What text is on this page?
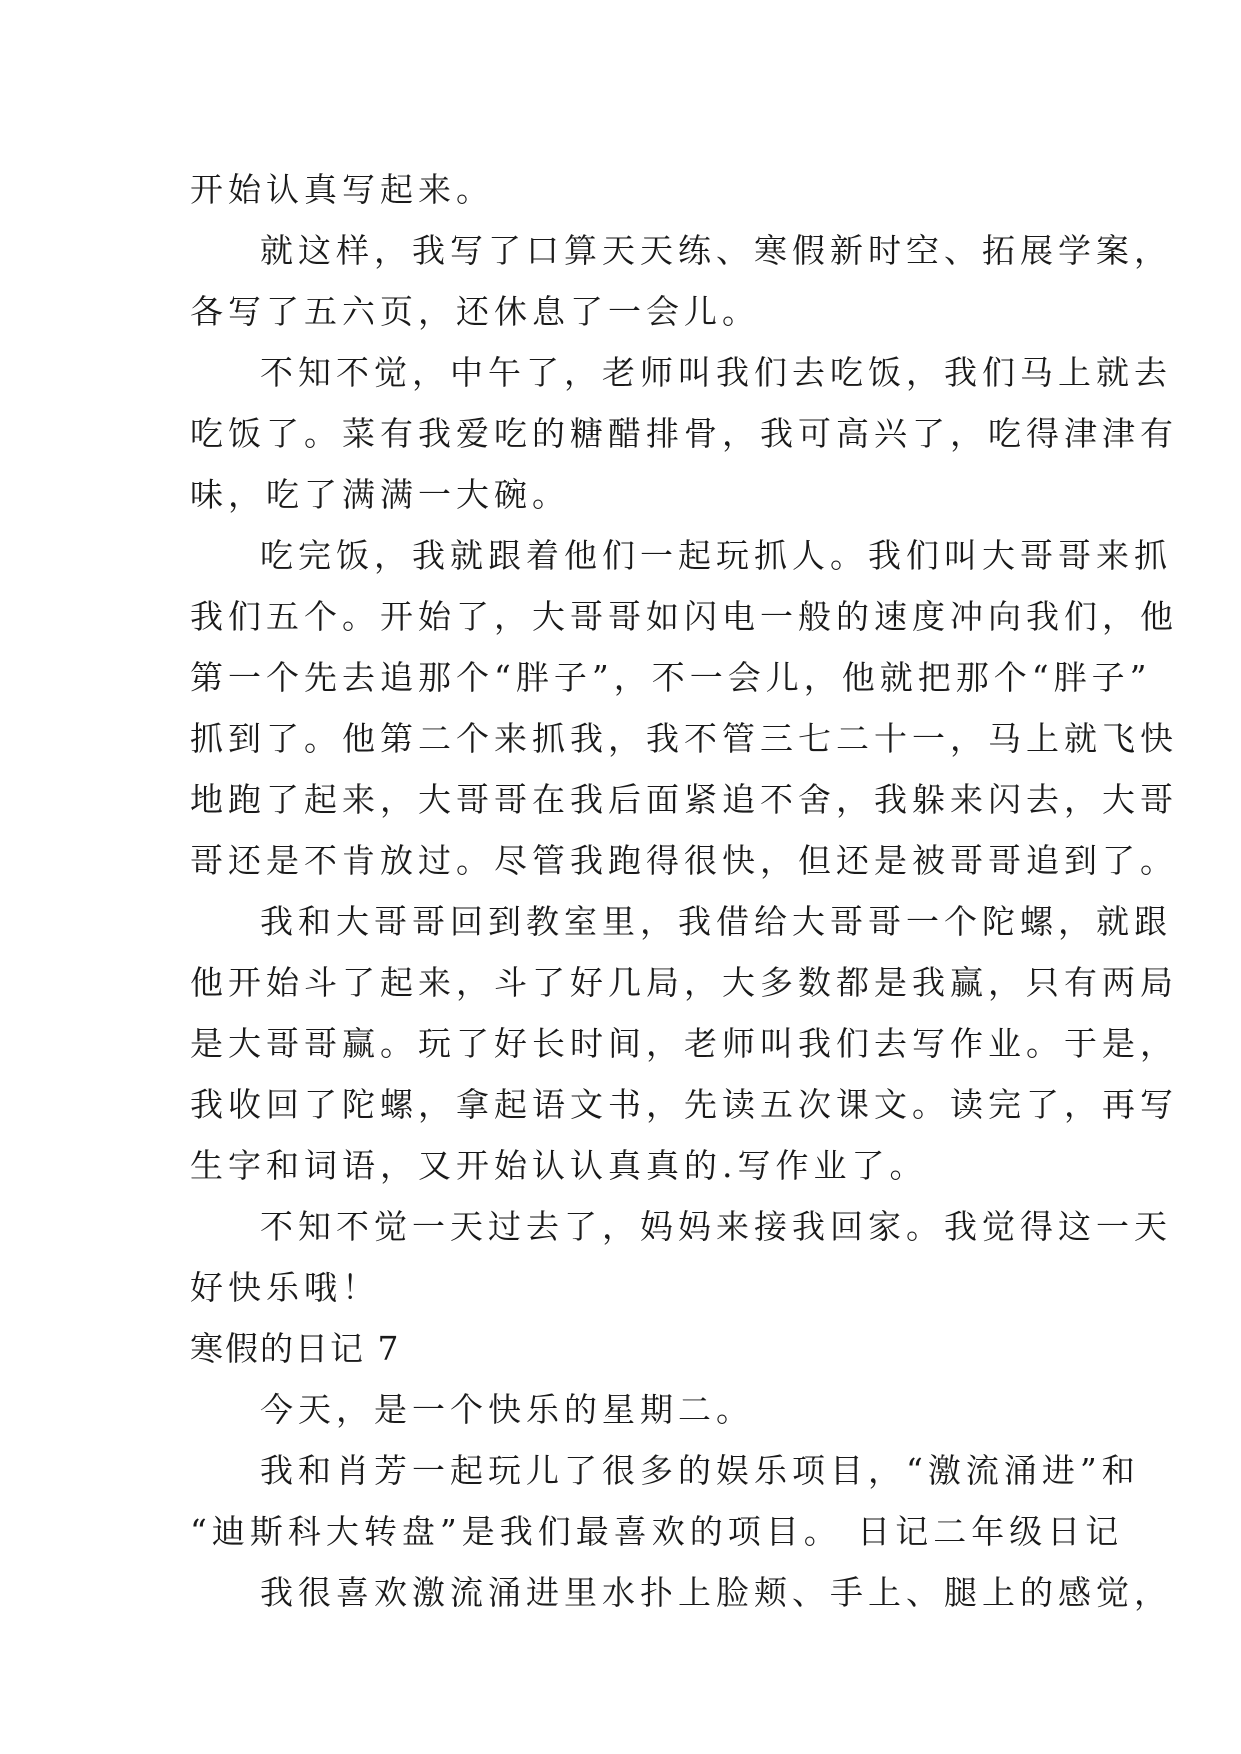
开始认真写起来。
就这样，我写了口算天天练、寒假新时空、拓展学案，
各写了五六页，还休息了一会儿。
不知不觉，中午了，老师叫我们去吃饭，我们马上就去
吃饭了。菜有我爱吃的糖醋排骨，我可高兴了，吃得津津有
味，吃了满满一大碗。
吃完饭，我就跟着他们一起玩抓人。我们叫大哥哥来抓
我们五个。开始了，大哥哥如闪电一般的速度冲向我们，他
第一个先去追那个“胖子”，不一会儿，他就把那个“胖子”
抓到了。他第二个来抓我，我不管三七二十一，马上就飞快
地跑了起来，大哥哥在我后面紧追不舍，我躲来闪去，大哥
哥还是不肯放过。尽管我跑得很快，但还是被哥哥追到了。
我和大哥哥回到教室里，我借给大哥哥一个陀螺，就跟
他开始斗了起来，斗了好几局，大多数都是我赢，只有两局
是大哥哥赢。玩了好长时间，老师叫我们去写作业。于是，
我收回了陀螺，拿起语文书，先读五次课文。读完了，再写
生字和词语，又开始认认真真的.写作业了。
不知不觉一天过去了，妈妈来接我回家。我觉得这一天
好快乐哦！
寒假的日记 7
今天，是一个快乐的星期二。
我和肖芳一起玩儿了很多的娱乐项目，“激流涌进”和
“迪斯科大转盘”是我们最喜欢的项目。 日记二年级日记
我很喜欢激流涌进里水扑上脸颊、手上、腿上的感觉，
